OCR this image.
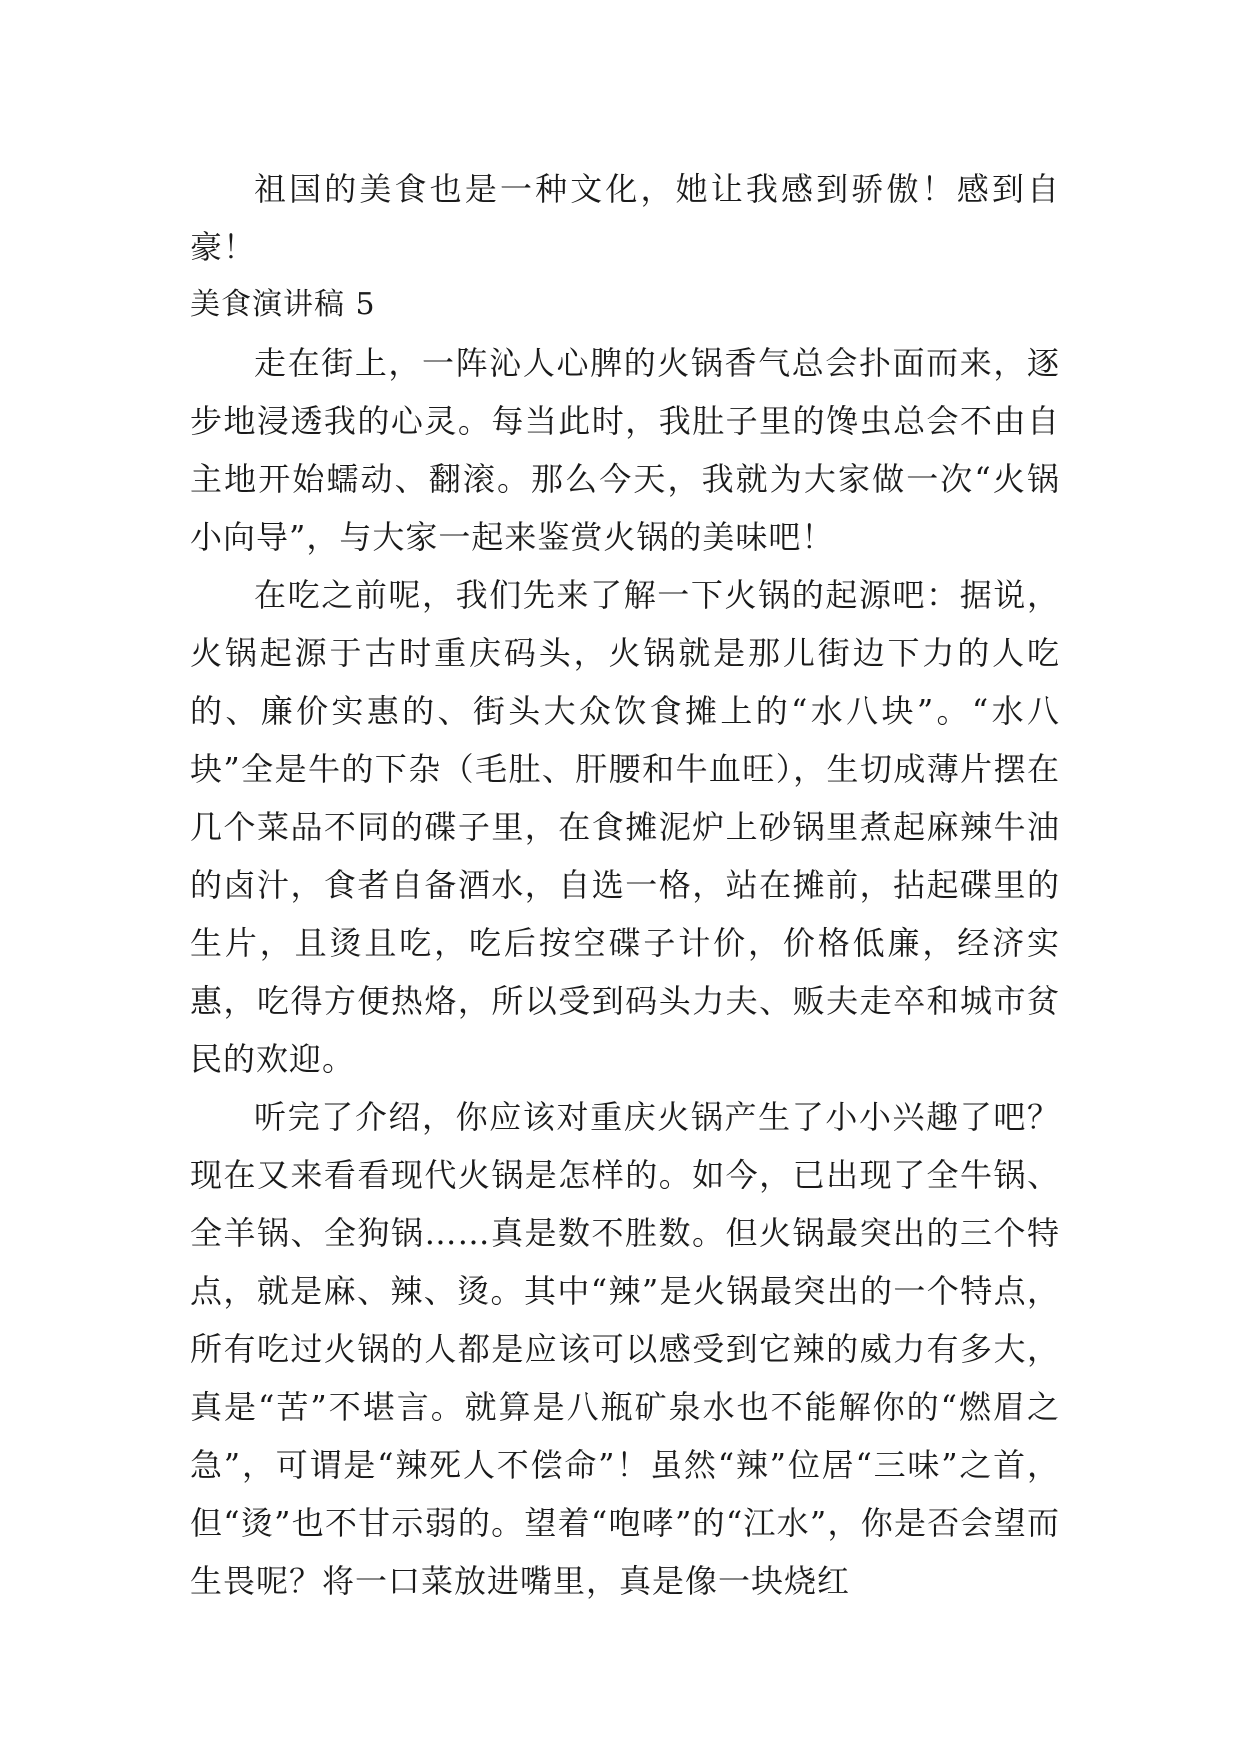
祖国的美食也是一种文化，她让我感到骄傲！感到自豪！

美食演讲稿 5

走在街上，一阵沁人心脾的火锅香气总会扑面而来，逐步地浸透我的心灵。每当此时，我肚子里的馋虫总会不由自主地开始蠕动、翻滚。那么今天，我就为大家做一次“火锅小向导”，与大家一起来鉴赏火锅的美味吧！

在吃之前呢，我们先来了解一下火锅的起源吧：据说，火锅起源于古时重庆码头，火锅就是那儿街边下力的人吃的、廉价实惠的、街头大众饮食摊上的“水八块”。“水八块”全是牛的下杂（毛肚、肝腰和牛血旺），生切成薄片摆在几个菜品不同的碟子里，在食摊泥炉上砂锅里煮起麻辣牛油的卤汁，食者自备酒水，自选一格，站在摊前，拈起碟里的生片，且烫且吃，吃后按空碟子计价，价格低廉，经济实惠，吃得方便热烙，所以受到码头力夫、贩夫走卒和城市贫民的欢迎。

听完了介绍，你应该对重庆火锅产生了小小兴趣了吧？现在又来看看现代火锅是怎样的。如今，已出现了全牛锅、全羊锅、全狗锅……真是数不胜数。但火锅最突出的三个特点，就是麻、辣、烫。其中“辣”是火锅最突出的一个特点，所有吃过火锅的人都是应该可以感受到它辣的威力有多大，真是“苦”不堪言。就算是八瓶矿泉水也不能解你的“燃眉之急”，可谓是“辣死人不偿命”！虽然“辣”位居“三味”之首，但“烫”也不甘示弱的。望着“咆哮”的“江水”，你是否会望而生畏呢？将一口菜放进嘴里，真是像一块烧红
